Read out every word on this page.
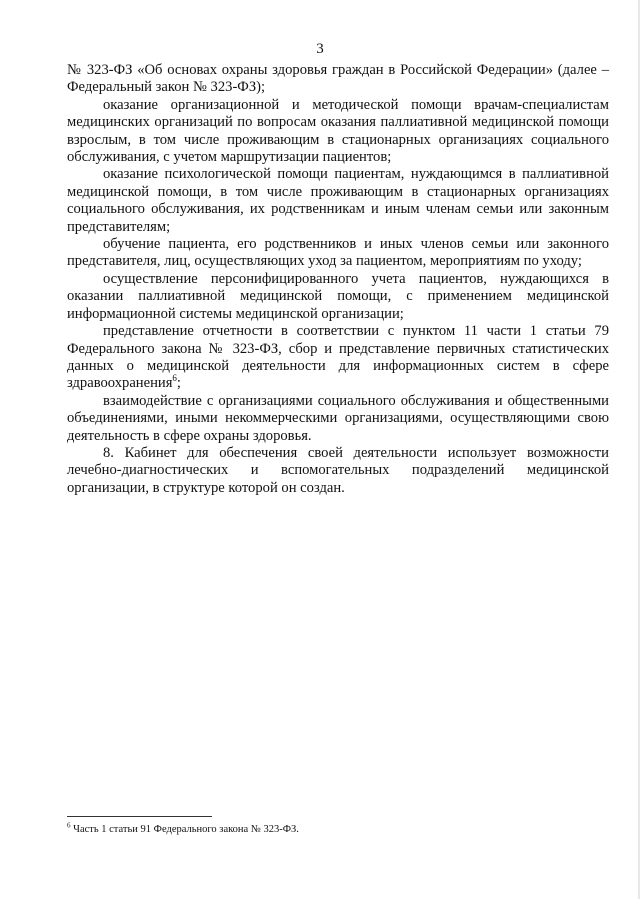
3

№ 323-ФЗ «Об основах охраны здоровья граждан в Российской Федерации» (далее – Федеральный закон № 323-ФЗ);

оказание организационной и методической помощи врачам-специалистам медицинских организаций по вопросам оказания паллиативной медицинской помощи взрослым, в том числе проживающим в стационарных организациях социального обслуживания, с учетом маршрутизации пациентов;

оказание психологической помощи пациентам, нуждающимся в паллиативной медицинской помощи, в том числе проживающим в стационарных организациях социального обслуживания, их родственникам и иным членам семьи или законным представителям;

обучение пациента, его родственников и иных членов семьи или законного представителя, лиц, осуществляющих уход за пациентом, мероприятиям по уходу;

осуществление персонифицированного учета пациентов, нуждающихся в оказании паллиативной медицинской помощи, с применением медицинской информационной системы медицинской организации;

представление отчетности в соответствии с пунктом 11 части 1 статьи 79 Федерального закона № 323-ФЗ, сбор и представление первичных статистических данных о медицинской деятельности для информационных систем в сфере здравоохранения$^6$;

взаимодействие с организациями социального обслуживания и общественными объединениями, иными некоммерческими организациями, осуществляющими свою деятельность в сфере охраны здоровья.

8. Кабинет для обеспечения своей деятельности использует возможности лечебно-диагностических и вспомогательных подразделений медицинской организации, в структуре которой он создан.

$^6$ Часть 1 статьи 91 Федерального закона № 323-ФЗ.
